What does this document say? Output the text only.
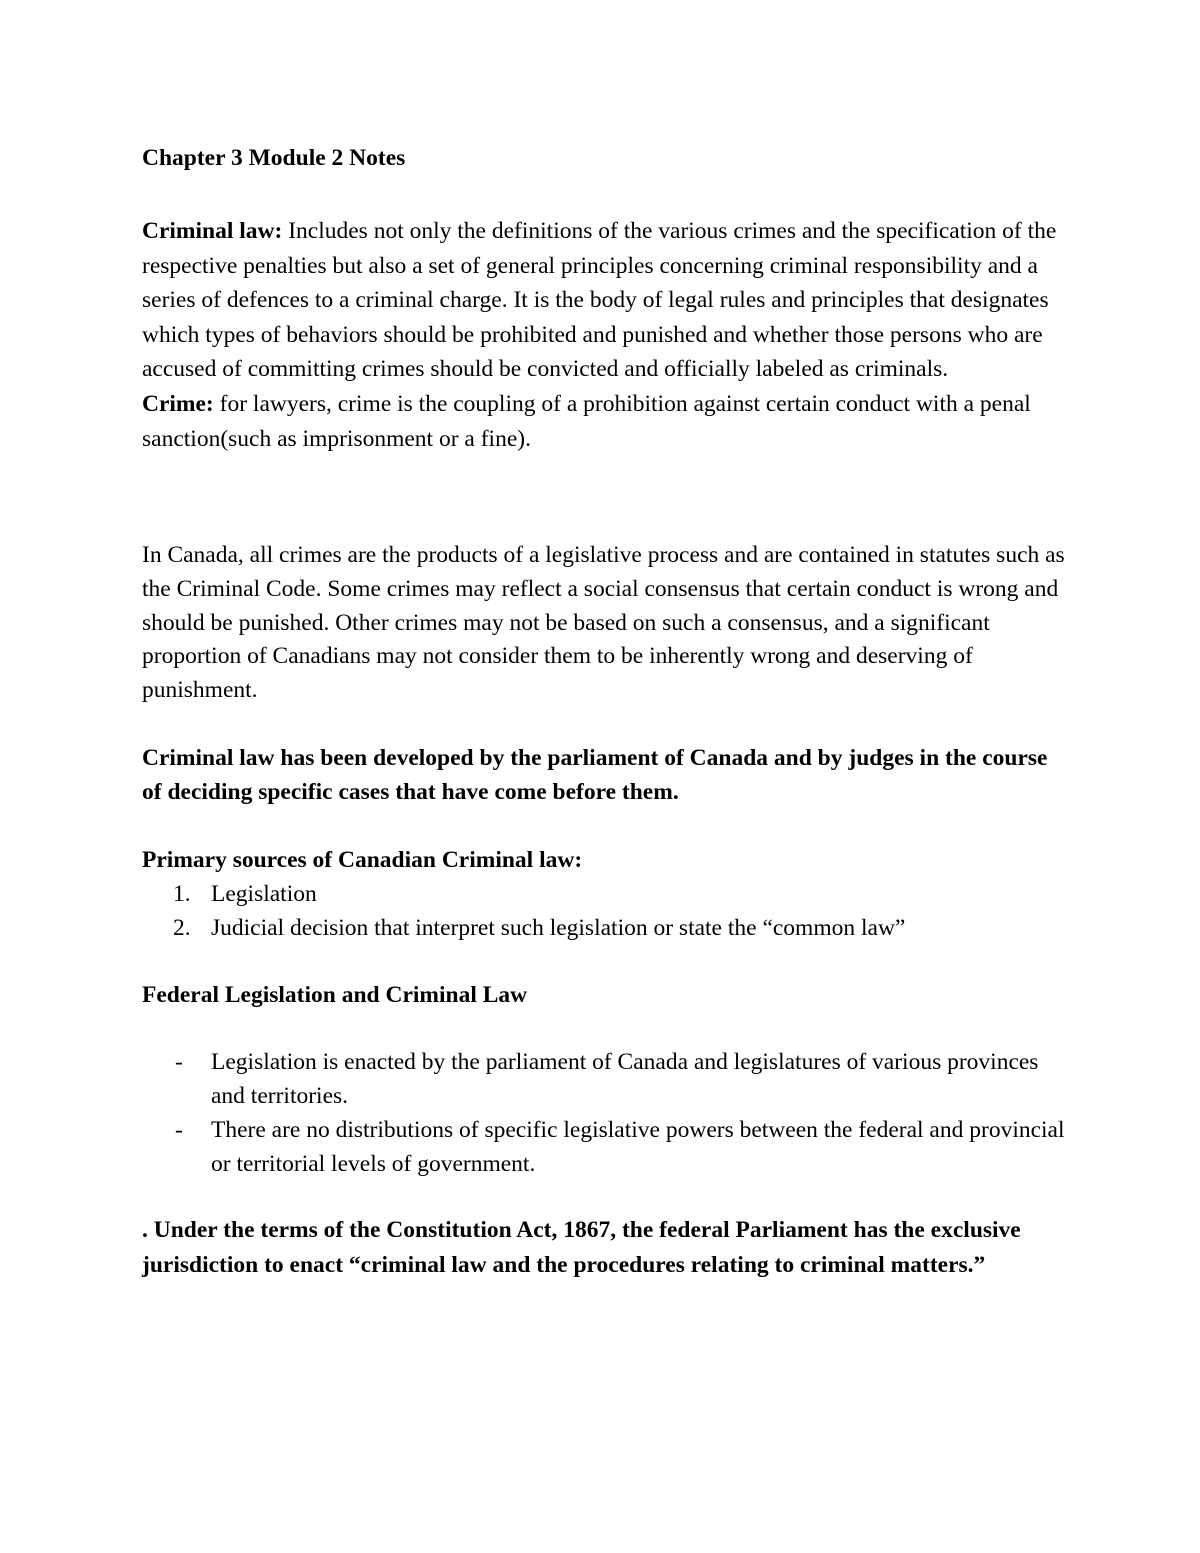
Chapter 3 Module 2 Notes
Criminal law: Includes not only the definitions of the various crimes and the specification of the respective penalties but also a set of general principles concerning criminal responsibility and a series of defences to a criminal charge. It is the body of legal rules and principles that designates which types of behaviors should be prohibited and punished and whether those persons who are accused of committing crimes should be convicted and officially labeled as criminals.
Crime: for lawyers, crime is the coupling of a prohibition against certain conduct with a penal sanction(such as imprisonment or a fine).
In Canada, all crimes are the products of a legislative process and are contained in statutes such as the Criminal Code. Some crimes may reflect a social consensus that certain conduct is wrong and should be punished. Other crimes may not be based on such a consensus, and a significant proportion of Canadians may not consider them to be inherently wrong and deserving of punishment.
Criminal law has been developed by the parliament of Canada and by judges in the course of deciding specific cases that have come before them.
Primary sources of Canadian Criminal law:
1. Legislation
2. Judicial decision that interpret such legislation or state the “common law”
Federal Legislation and Criminal Law
- Legislation is enacted by the parliament of Canada and legislatures of various provinces and territories.
- There are no distributions of specific legislative powers between the federal and provincial or territorial levels of government.
. Under the terms of the Constitution Act, 1867, the federal Parliament has the exclusive jurisdiction to enact “criminal law and the procedures relating to criminal matters.”
